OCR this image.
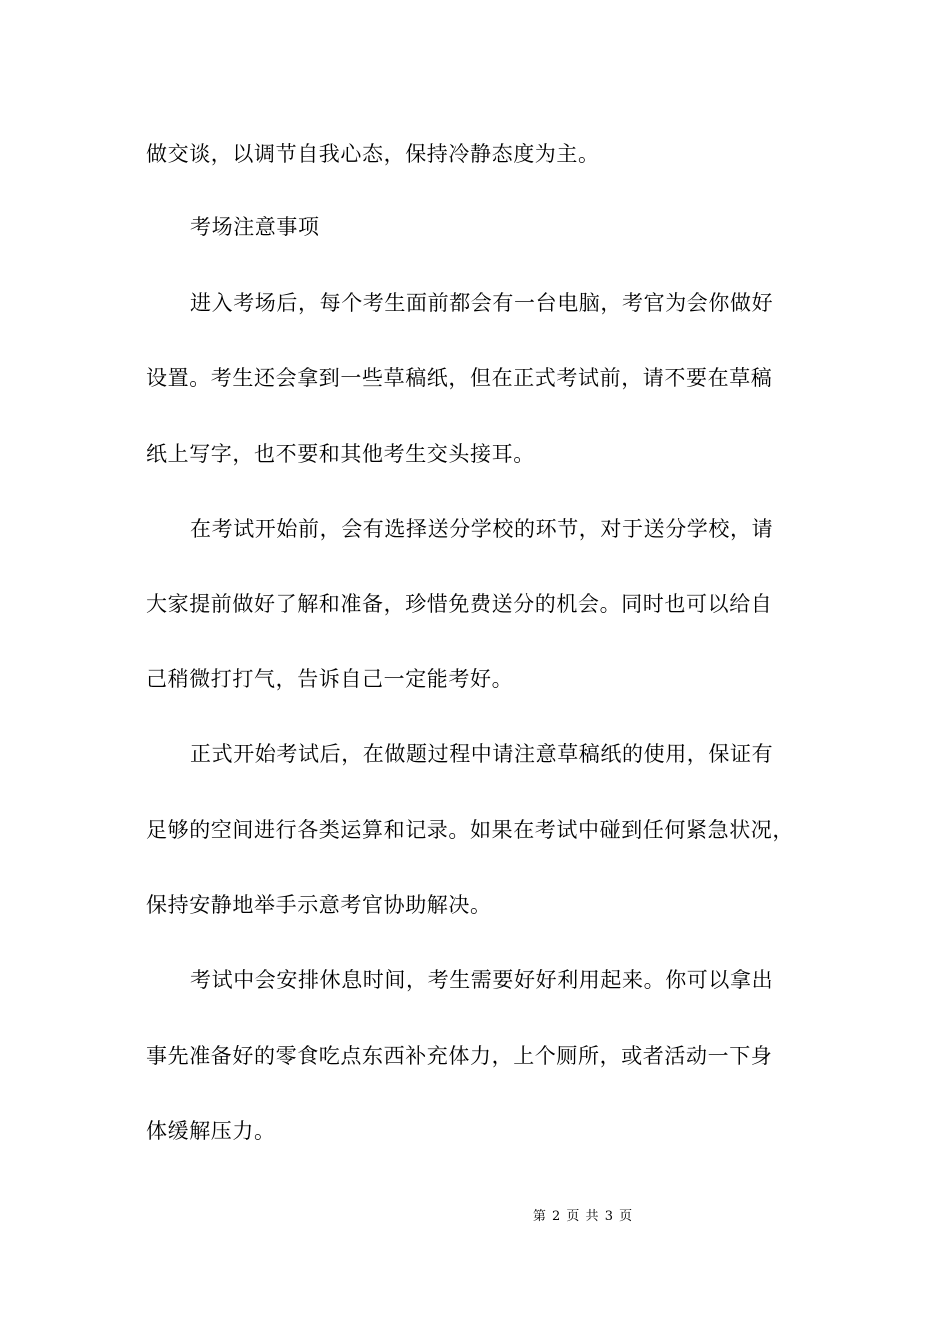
做交谈，以调节自我心态，保持冷静态度为主。

考场注意事项

进入考场后，每个考生面前都会有一台电脑，考官为会你做好

设置。考生还会拿到一些草稿纸，但在正式考试前，请不要在草稿

纸上写字，也不要和其他考生交头接耳。

在考试开始前，会有选择送分学校的环节，对于送分学校，请

大家提前做好了解和准备，珍惜免费送分的机会。同时也可以给自

己稍微打打气，告诉自己一定能考好。

正式开始考试后，在做题过程中请注意草稿纸的使用，保证有

足够的空间进行各类运算和记录。如果在考试中碰到任何紧急状况，

保持安静地举手示意考官协助解决。

考试中会安排休息时间，考生需要好好利用起来。你可以拿出

事先准备好的零食吃点东西补充体力，上个厕所，或者活动一下身

体缓解压力。

第 2 页 共 3 页
